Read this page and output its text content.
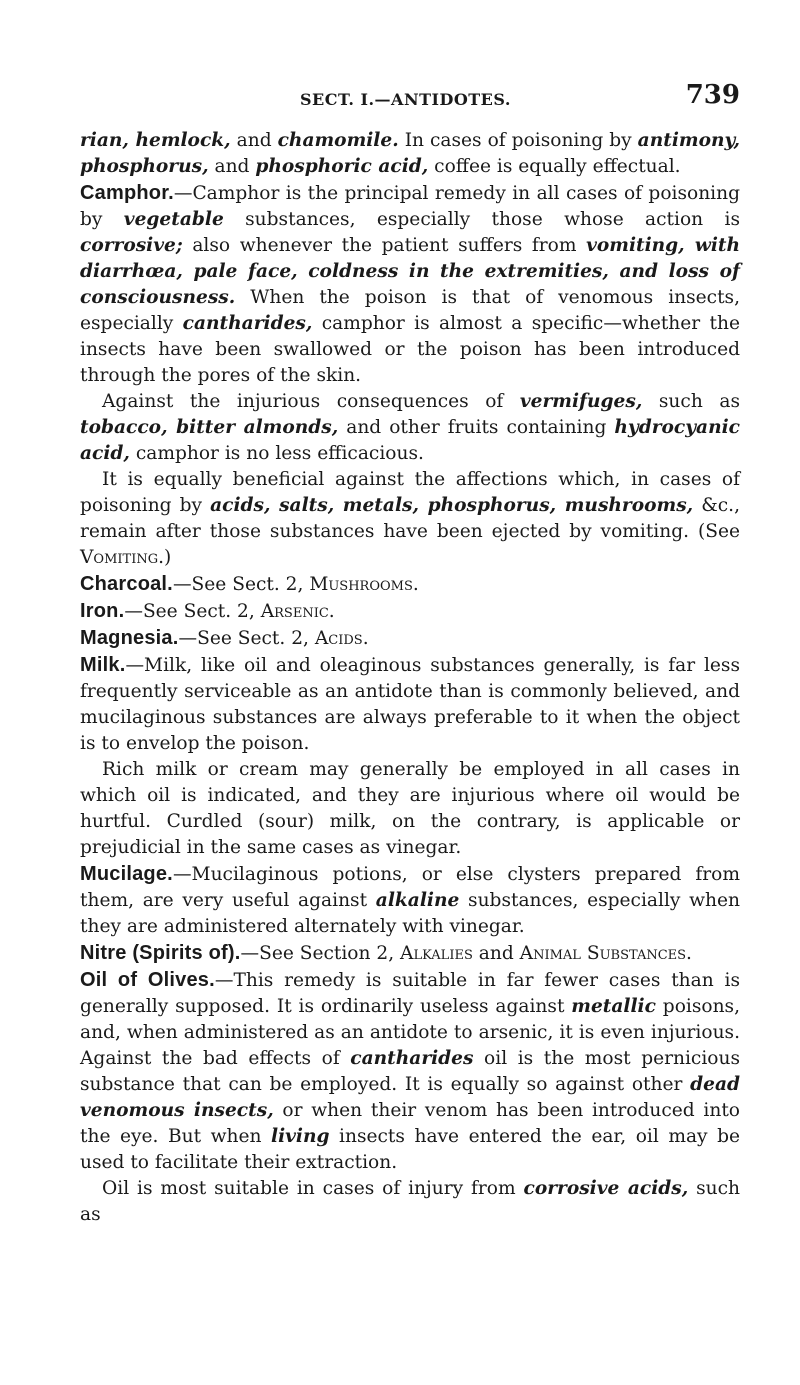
SECT. I.—ANTIDOTES.	739

rian, hemlock, and chamomile. In cases of poisoning by antimony, phosphorus, and phosphoric acid, coffee is equally effectual.

Camphor.—Camphor is the principal remedy in all cases of poisoning by vegetable substances, especially those whose action is corrosive; also whenever the patient suffers from vomiting, with diarrhœa, pale face, coldness in the extremities, and loss of consciousness. When the poison is that of venomous insects, especially cantharides, camphor is almost a specific—whether the insects have been swallowed or the poison has been introduced through the pores of the skin.

Against the injurious consequences of vermifuges, such as tobacco, bitter almonds, and other fruits containing hydrocyanic acid, camphor is no less efficacious.

It is equally beneficial against the affections which, in cases of poisoning by acids, salts, metals, phosphorus, mushrooms, &c., remain after those substances have been ejected by vomiting. (See Vomiting.)

Charcoal.—See Sect. 2, Mushrooms.

Iron.—See Sect. 2, Arsenic.

Magnesia.—See Sect. 2, Acids.

Milk.—Milk, like oil and oleaginous substances generally, is far less frequently serviceable as an antidote than is commonly believed, and mucilaginous substances are always preferable to it when the object is to envelop the poison.

Rich milk or cream may generally be employed in all cases in which oil is indicated, and they are injurious where oil would be hurtful. Curdled (sour) milk, on the contrary, is applicable or prejudicial in the same cases as vinegar.

Mucilage.—Mucilaginous potions, or else clysters prepared from them, are very useful against alkaline substances, especially when they are administered alternately with vinegar.

Nitre (Spirits of).—See Section 2, Alkalies and Animal Substances.

Oil of Olives.—This remedy is suitable in far fewer cases than is generally supposed. It is ordinarily useless against metallic poisons, and, when administered as an antidote to arsenic, it is even injurious. Against the bad effects of cantharides oil is the most pernicious substance that can be employed. It is equally so against other dead venomous insects, or when their venom has been introduced into the eye. But when living insects have entered the ear, oil may be used to facilitate their extraction.

Oil is most suitable in cases of injury from corrosive acids, such as
